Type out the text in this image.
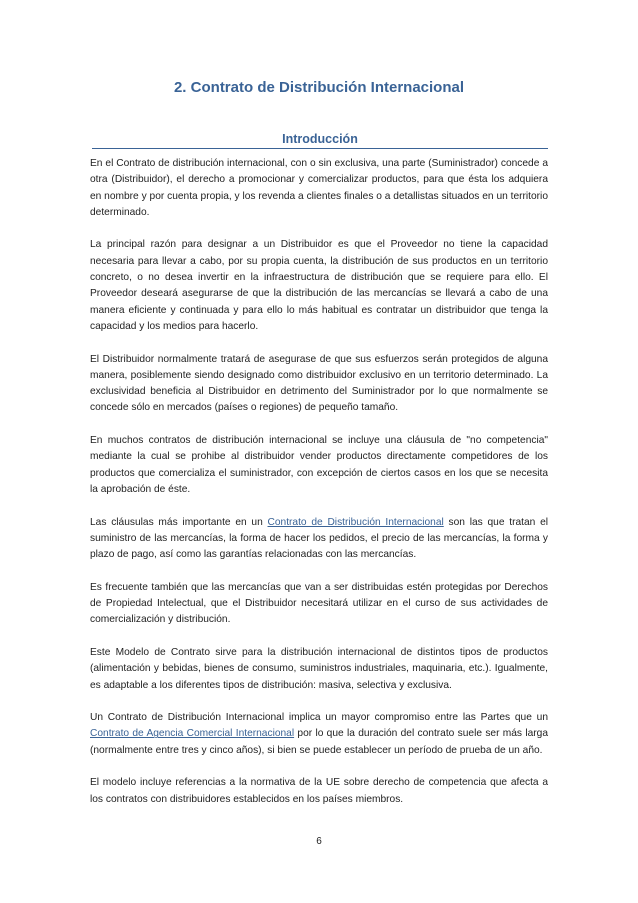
2. Contrato de Distribución Internacional
Introducción

En el Contrato de distribución internacional, con o sin exclusiva, una parte (Suministrador) concede a otra (Distribuidor), el derecho a promocionar y comercializar productos, para que ésta los adquiera en nombre y por cuenta propia, y los revenda a clientes finales o a detallistas situados en un territorio determinado.

La principal razón para designar a un Distribuidor es que el Proveedor no tiene la capacidad necesaria para llevar a cabo, por su propia cuenta, la distribución de sus productos en un territorio concreto, o no desea invertir en la infraestructura de distribución que se requiere para ello. El Proveedor deseará asegurarse de que la distribución de las mercancías se llevará a cabo de una manera eficiente y continuada y para ello lo más habitual es contratar un distribuidor que tenga la capacidad y los medios para hacerlo.

El Distribuidor normalmente tratará de asegurase de que sus esfuerzos serán protegidos de alguna manera, posiblemente siendo designado como distribuidor exclusivo en un territorio determinado. La exclusividad beneficia al Distribuidor en detrimento del Suministrador por lo que normalmente se concede sólo en mercados (países o regiones) de pequeño tamaño.

En muchos contratos de distribución internacional se incluye una cláusula de "no competencia" mediante la cual se prohibe al distribuidor vender productos directamente competidores de los productos que comercializa el suministrador, con excepción de ciertos casos en los que se necesita la aprobación de éste.

Las cláusulas más importante en un Contrato de Distribución Internacional son las que tratan el suministro de las mercancías, la forma de hacer los pedidos, el precio de las mercancías, la forma y plazo de pago, así como las garantías relacionadas con las mercancías.

Es frecuente también que las mercancías que van a ser distribuidas estén protegidas por Derechos de Propiedad Intelectual, que el Distribuidor necesitará utilizar en el curso de sus actividades de comercialización y distribución.

Este Modelo de Contrato sirve para la distribución internacional de distintos tipos de productos (alimentación y bebidas, bienes de consumo, suministros industriales, maquinaria, etc.). Igualmente, es adaptable a los diferentes tipos de distribución: masiva, selectiva y exclusiva.

Un Contrato de Distribución Internacional implica un mayor compromiso entre las Partes que un Contrato de Agencia Comercial Internacional por lo que la duración del contrato suele ser más larga (normalmente entre tres y cinco años), si bien se puede establecer un período de prueba de un año.

El modelo incluye referencias a la normativa de la UE sobre derecho de competencia que afecta a los contratos con distribuidores establecidos en los países miembros.

6
